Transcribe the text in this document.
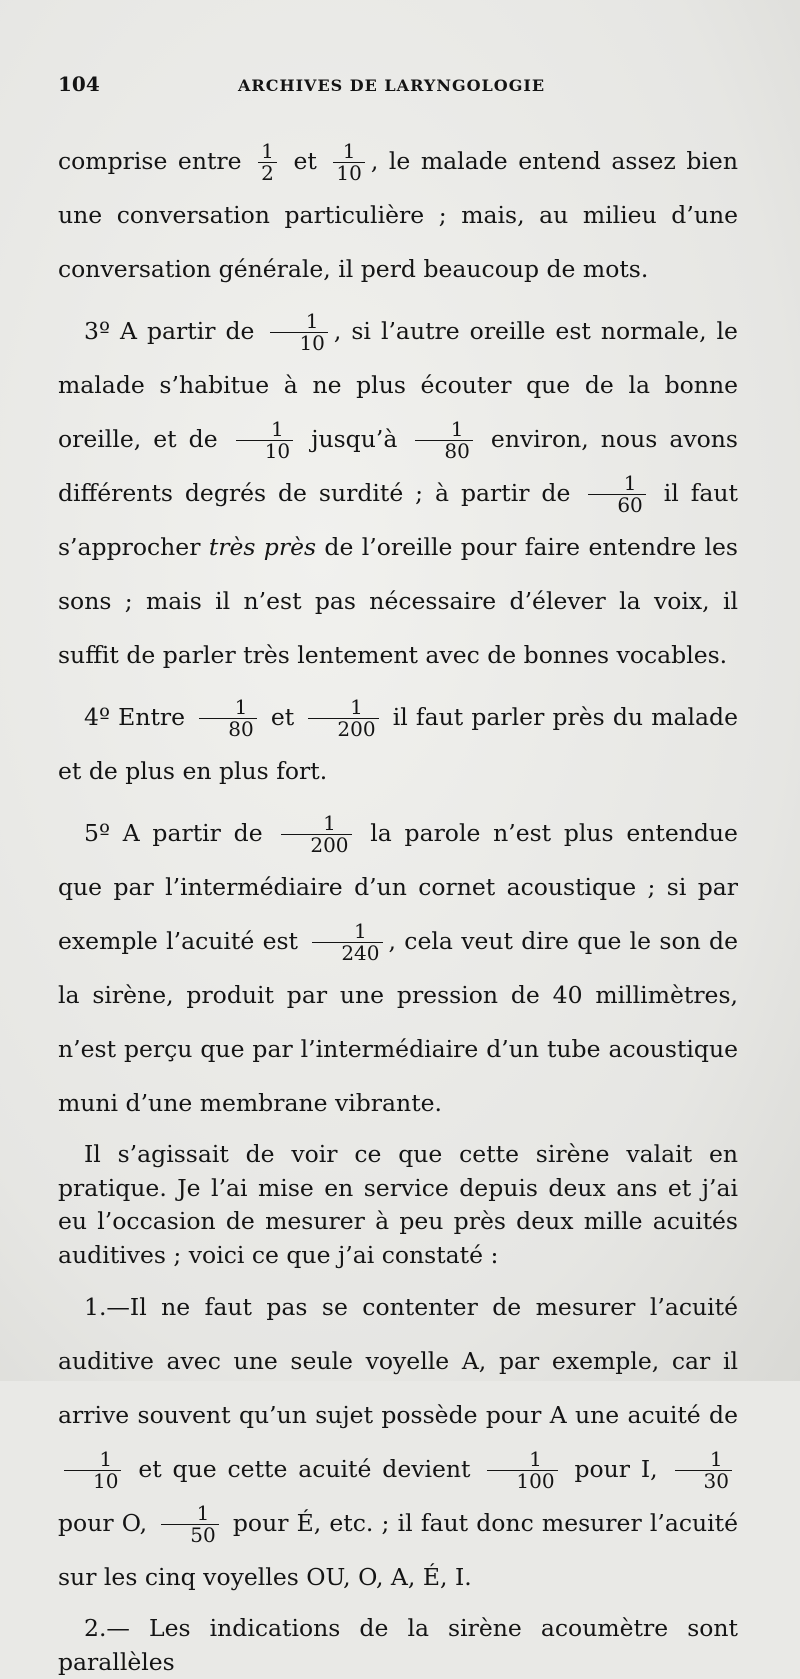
104	ARCHIVES DE LARYNGOLOGIE

comprise entre $\frac{1}{2}$ et $\frac{1}{10}$ , le malade entend assez bien une conversation particulière ; mais, au milieu d’une conversation générale, il perd beaucoup de mots.

3º A partir de $\frac{1}{10}$ , si l’autre oreille est normale, le malade s’habitue à ne plus écouter que de la bonne oreille, et de $\frac{1}{10}$ jusqu’à $\frac{1}{80}$ environ, nous avons différents degrés de surdité ; à partir de $\frac{1}{60}$ il faut s’approcher très près de l’oreille pour faire entendre les sons ; mais il n’est pas nécessaire d’élever la voix, il suffit de parler très lentement avec de bonnes vocables.

4º Entre $\frac{1}{80}$ et $\frac{1}{200}$ il faut parler près du malade et de plus en plus fort.

5º A partir de $\frac{1}{200}$ la parole n’est plus entendue que par l’intermédiaire d’un cornet acoustique ; si par exemple l’acuité est $\frac{1}{240}$ , cela veut dire que le son de la sirène, produit par une pression de 40 millimètres, n’est perçu que par l’intermédiaire d’un tube acoustique muni d’une membrane vibrante.

Il s’agissait de voir ce que cette sirène valait en pratique. Je l’ai mise en service depuis deux ans et j’ai eu l’occasion de mesurer à peu près deux mille acuités auditives ; voici ce que j’ai constaté :

1.—Il ne faut pas se contenter de mesurer l’acuité auditive avec une seule voyelle A, par exemple, car il arrive souvent qu’un sujet possède pour A une acuité de
$\frac{1}{10}$ et que cette acuité devient $\frac{1}{100}$ pour I, $\frac{1}{30}$
pour O, $\frac{1}{50}$ pour É, etc. ; il faut donc mesurer l’acuité sur les cinq voyelles OU, O, A, É, I.

2.— Les indications de la sirène acoumètre sont parallèles
